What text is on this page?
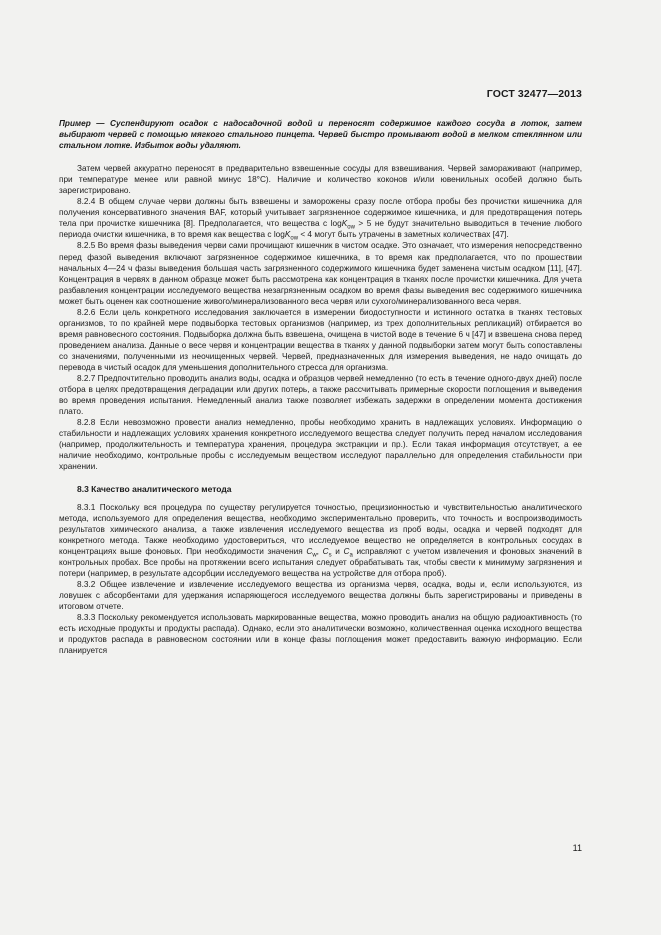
ГОСТ 32477—2013

Пример — Суспендируют осадок с надосадочной водой и переносят содержимое каждого сосуда в лоток, затем выбирают червей с помощью мягкого стального пинцета. Червей быстро промывают водой в мелком стеклянном или стальном лотке. Избыток воды удаляют.

Затем червей аккуратно переносят в предварительно взвешенные сосуды для взвешивания. Червей замораживают (например, при температуре менее или равной минус 18°С). Наличие и количество коконов и/или ювенильных особей должно быть зарегистрировано.

8.2.4 В общем случае черви должны быть взвешены и заморожены сразу после отбора пробы без прочистки кишечника для получения консервативного значения BAF, который учитывает загрязненное содержимое кишечника, и для предотвращения потерь тела при прочистке кишечника [8]. Предполагается, что вещества с logK$_{ow}$ > 5 не будут значительно выводиться в течение любого периода очистки кишечника, в то время как вещества с logK$_{ow}$ < 4 могут быть утрачены в заметных количествах [47].

8.2.5 Во время фазы выведения черви сами прочищают кишечник в чистом осадке. Это означает, что измерения непосредственно перед фазой выведения включают загрязненное содержимое кишечника, в то время как предполагается, что по прошествии начальных 4—24 ч фазы выведения большая часть загрязненного содержимого кишечника будет заменена чистым осадком [11], [47]. Концентрация в червях в данном образце может быть рассмотрена как концентрация в тканях после прочистки кишечника. Для учета разбавления концентрации исследуемого вещества незагрязненным осадком во время фазы выведения вес содержимого кишечника может быть оценен как соотношение живого/минерализованного веса червя или сухого/минерализованного веса червя.

8.2.6 Если цель конкретного исследования заключается в измерении биодоступности и истинного остатка в тканях тестовых организмов, то по крайней мере подвыборка тестовых организмов (например, из трех дополнительных репликаций) отбирается во время равновесного состояния. Подвыборка должна быть взвешена, очищена в чистой воде в течение 6 ч [47] и взвешена снова перед проведением анализа. Данные о весе червя и концентрации вещества в тканях у данной подвыборки затем могут быть сопоставлены со значениями, полученными из неочищенных червей. Червей, предназначенных для измерения выведения, не надо очищать до перевода в чистый осадок для уменьшения дополнительного стресса для организма.

8.2.7 Предпочтительно проводить анализ воды, осадка и образцов червей немедленно (то есть в течение одного-двух дней) после отбора в целях предотвращения деградации или других потерь, а также рассчитывать примерные скорости поглощения и выведения во время проведения испытания. Немедленный анализ также позволяет избежать задержки в определении момента достижения плато.

8.2.8 Если невозможно провести анализ немедленно, пробы необходимо хранить в надлежащих условиях. Информацию о стабильности и надлежащих условиях хранения конкретного исследуемого вещества следует получить перед началом исследования (например, продолжительность и температура хранения, процедура экстракции и пр.). Если такая информация отсутствует, а ее наличие необходимо, контрольные пробы с исследуемым веществом исследуют параллельно для определения стабильности при хранении.

8.3 Качество аналитического метода

8.3.1 Поскольку вся процедура по существу регулируется точностью, прецизионностью и чувствительностью аналитического метода, используемого для определения вещества, необходимо экспериментально проверить, что точность и воспроизводимость результатов химического анализа, а также извлечения исследуемого вещества из проб воды, осадка и червей подходят для конкретного метода. Также необходимо удостовериться, что исследуемое вещество не определяется в контрольных сосудах в концентрациях выше фоновых. При необходимости значения $C_w$, $C_s$ и $C_a$ исправляют с учетом извлечения и фоновых значений в контрольных пробах. Все пробы на протяжении всего испытания следует обрабатывать так, чтобы свести к минимуму загрязнения и потери (например, в результате адсорбции исследуемого вещества на устройстве для отбора проб).

8.3.2 Общее извлечение и извлечение исследуемого вещества из организма червя, осадка, воды и, если используются, из ловушек с абсорбентами для удержания испаряющегося исследуемого вещества должны быть зарегистрированы и приведены в итоговом отчете.

8.3.3 Поскольку рекомендуется использовать маркированные вещества, можно проводить анализ на общую радиоактивность (то есть исходные продукты и продукты распада). Однако, если это аналитически возможно, количественная оценка исходного вещества и продуктов распада в равновесном состоянии или в конце фазы поглощения может предоставить важную информацию. Если планируется

11
